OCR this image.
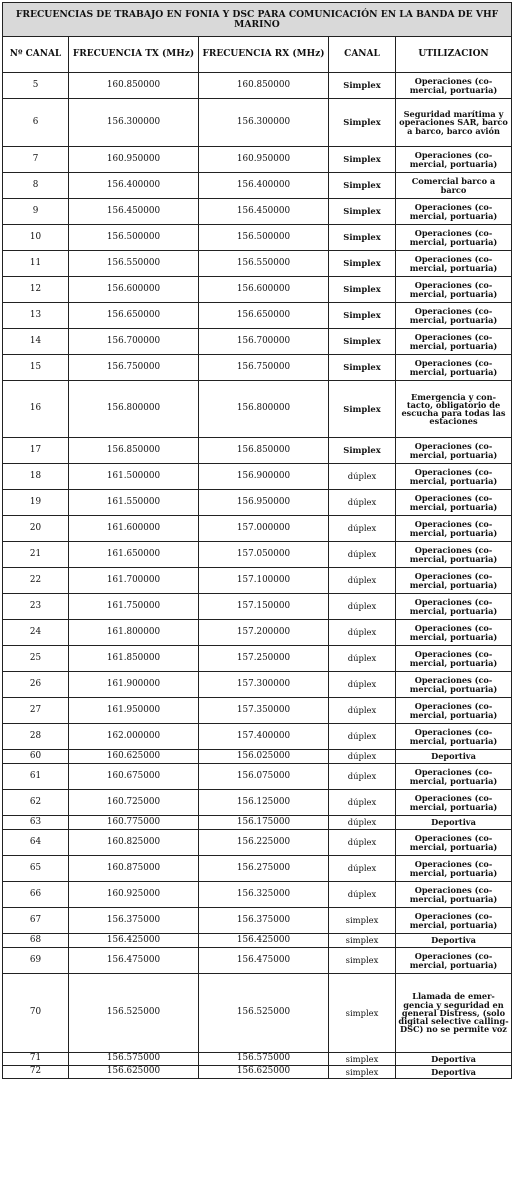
FRECUENCIAS DE TRABAJO EN FONIA Y DSC PARA COMUNICACIÓN EN LA BANDA DE VHF MARINO				
Nº CANAL	FRECUENCIA TX (MHz)	FRECUENCIA RX (MHz)	CANAL	UTILIZACION
5	160.850000	160.850000	Simplex	Operaciones (co-mercial, portuaria)
6	156.300000	156.300000	Simplex	Seguridad marítima y operaciones SAR, barco a barco, barco avión
7	160.950000	160.950000	Simplex	Operaciones (co-mercial, portuaria)
8	156.400000	156.400000	Simplex	Comercial barco a barco
9	156.450000	156.450000	Simplex	Operaciones (co-mercial, portuaria)
10	156.500000	156.500000	Simplex	Operaciones (co-mercial, portuaria)
11	156.550000	156.550000	Simplex	Operaciones (co-mercial, portuaria)
12	156.600000	156.600000	Simplex	Operaciones (co-mercial, portuaria)
13	156.650000	156.650000	Simplex	Operaciones (co-mercial, portuaria)
14	156.700000	156.700000	Simplex	Operaciones (co-mercial, portuaria)
15	156.750000	156.750000	Simplex	Operaciones (co-mercial, portuaria)
16	156.800000	156.800000	Simplex	Emergencia y con-tacto, obligatorio de escucha para todas las estaciones
17	156.850000	156.850000	Simplex	Operaciones (co-mercial, portuaria)
18	161.500000	156.900000	dúplex	Operaciones (co-mercial, portuaria)
19	161.550000	156.950000	dúplex	Operaciones (co-mercial, portuaria)
20	161.600000	157.000000	dúplex	Operaciones (co-mercial, portuaria)
21	161.650000	157.050000	dúplex	Operaciones (co-mercial, portuaria)
22	161.700000	157.100000	dúplex	Operaciones (co-mercial, portuaria)
23	161.750000	157.150000	dúplex	Operaciones (co-mercial, portuaria)
24	161.800000	157.200000	dúplex	Operaciones (co-mercial, portuaria)
25	161.850000	157.250000	dúplex	Operaciones (co-mercial, portuaria)
26	161.900000	157.300000	dúplex	Operaciones (co-mercial, portuaria)
27	161.950000	157.350000	dúplex	Operaciones (co-mercial, portuaria)
28	162.000000	157.400000	dúplex	Operaciones (co-mercial, portuaria)
60	160.625000	156.025000	dúplex	Deportiva
61	160.675000	156.075000	dúplex	Operaciones (co-mercial, portuaria)
62	160.725000	156.125000	dúplex	Operaciones (co-mercial, portuaria)
63	160.775000	156.175000	dúplex	Deportiva
64	160.825000	156.225000	dúplex	Operaciones (co-mercial, portuaria)
65	160.875000	156.275000	dúplex	Operaciones (co-mercial, portuaria)
66	160.925000	156.325000	dúplex	Operaciones (co-mercial, portuaria)
67	156.375000	156.375000	simplex	Operaciones (co-mercial, portuaria)
68	156.425000	156.425000	simplex	Deportiva
69	156.475000	156.475000	simplex	Operaciones (co-mercial, portuaria)
70	156.525000	156.525000	simplex	Llamada de emer-gencia y seguridad en general Distress, (solo digital selective calling-DSC) no se permite voz
71	156.575000	156.575000	simplex	Deportiva
72	156.625000	156.625000	simplex	Deportiva
